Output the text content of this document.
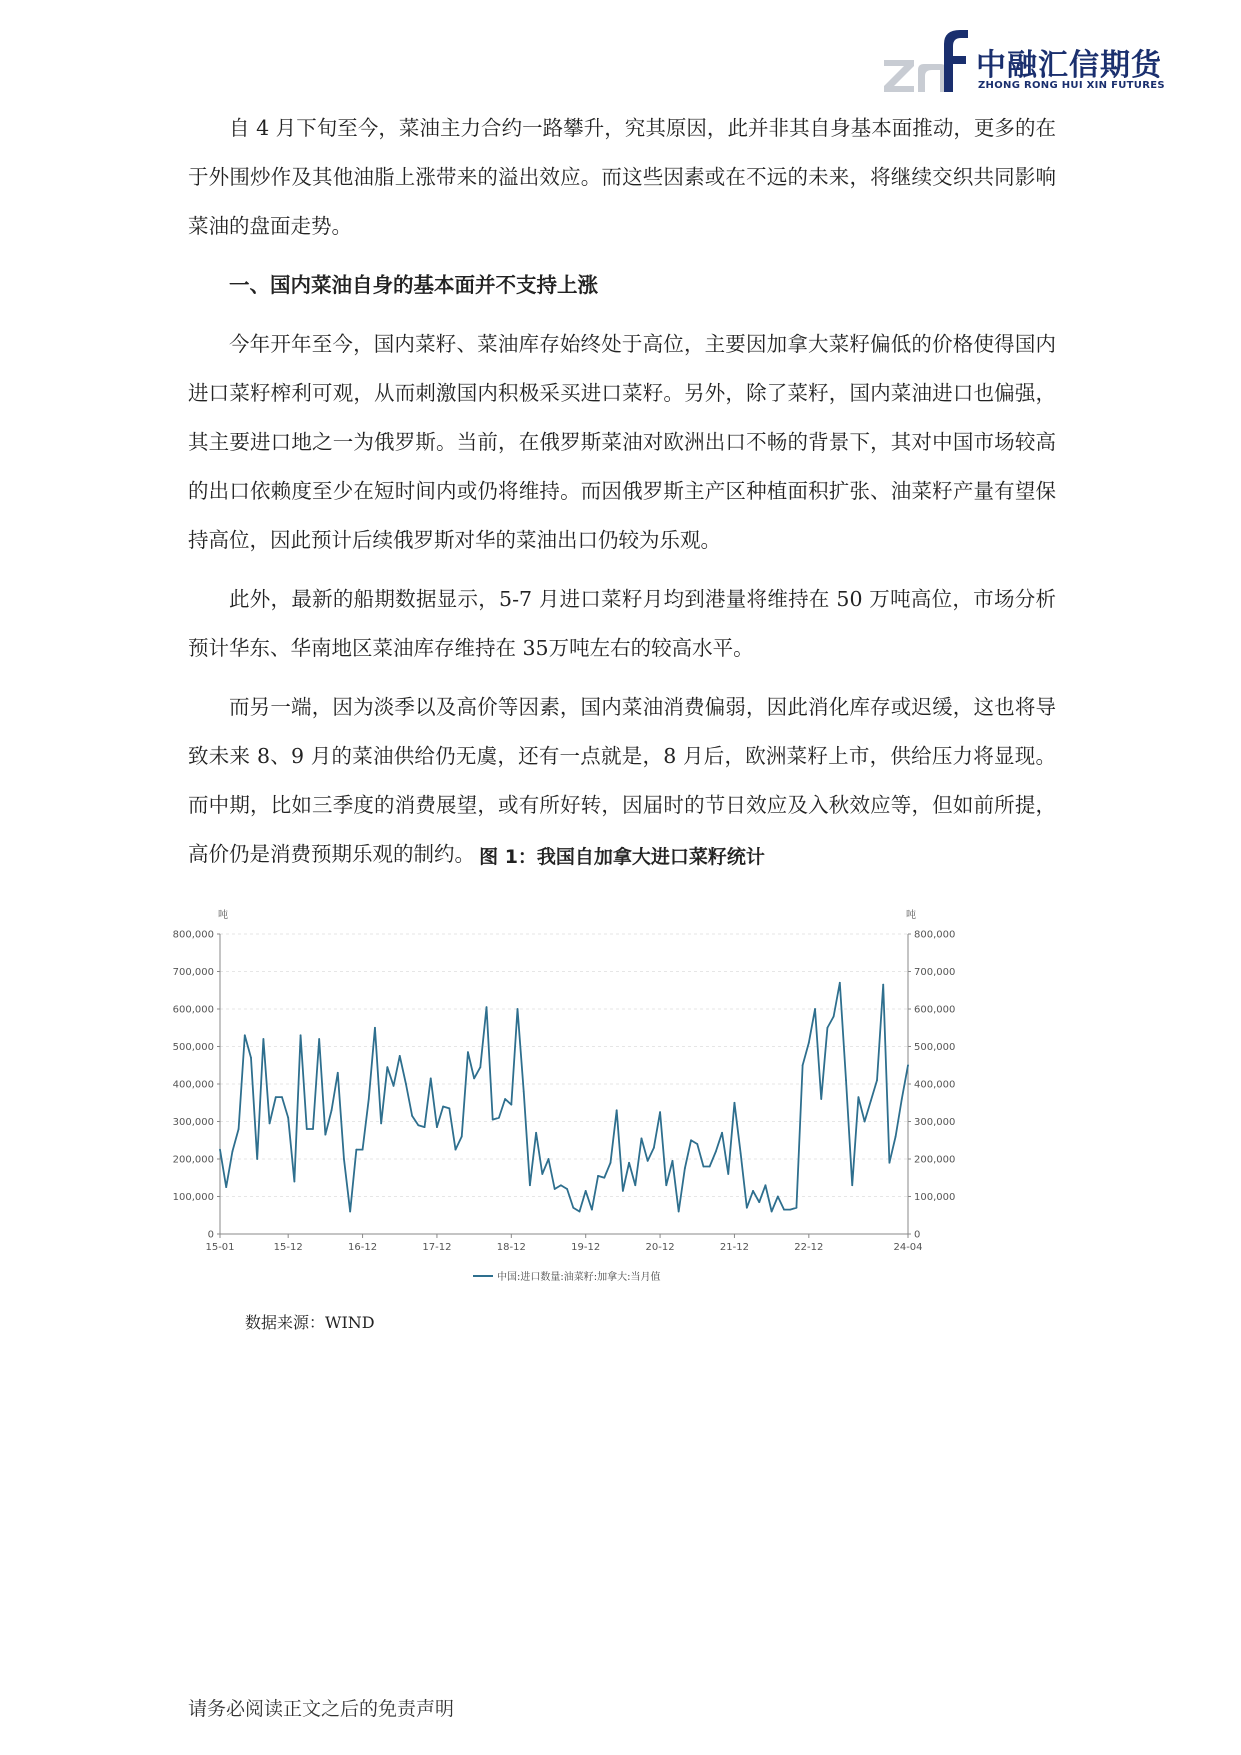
中融汇信期货
ZHONG RONG HUI XIN FUTURES

自 4 月下旬至今，菜油主力合约一路攀升，究其原因，此并非其自身基本面推动，更多的在于外围炒作及其他油脂上涨带来的溢出效应。而这些因素或在不远的未来，将继续交织共同影响菜油的盘面走势。

一、国内菜油自身的基本面并不支持上涨

今年开年至今，国内菜籽、菜油库存始终处于高位，主要因加拿大菜籽偏低的价格使得国内进口菜籽榨利可观，从而刺激国内积极采买进口菜籽。另外，除了菜籽，国内菜油进口也偏强，其主要进口地之一为俄罗斯。当前，在俄罗斯菜油对欧洲出口不畅的背景下，其对中国市场较高的出口依赖度至少在短时间内或仍将维持。而因俄罗斯主产区种植面积扩张、油菜籽产量有望保持高位，因此预计后续俄罗斯对华的菜油出口仍较为乐观。

此外，最新的船期数据显示，5-7 月进口菜籽月均到港量将维持在 50 万吨高位，市场分析预计华东、华南地区菜油库存维持在 35万吨左右的较高水平。

而另一端，因为淡季以及高价等因素，国内菜油消费偏弱，因此消化库存或迟缓，这也将导致未来 8、9 月的菜油供给仍无虞，还有一点就是，8 月后，欧洲菜籽上市，供给压力将显现。而中期，比如三季度的消费展望，或有所好转，因届时的节日效应及入秋效应等，但如前所提，高价仍是消费预期乐观的制约。 图 1：我国自加拿大进口菜籽统计
0	0
100,000	100,000
200,000	200,000
300,000	300,000
400,000	400,000
500,000	500,000
600,000	600,000
700,000	700,000
800,000	800,000
15-01	15-12	16-12	17-12	18-12	19-12	20-12	21-12	22-12	24-04
吨	吨
中国:进口数量:油菜籽:加拿大:当月值
数据来源：WIND
请务必阅读正文之后的免责声明
